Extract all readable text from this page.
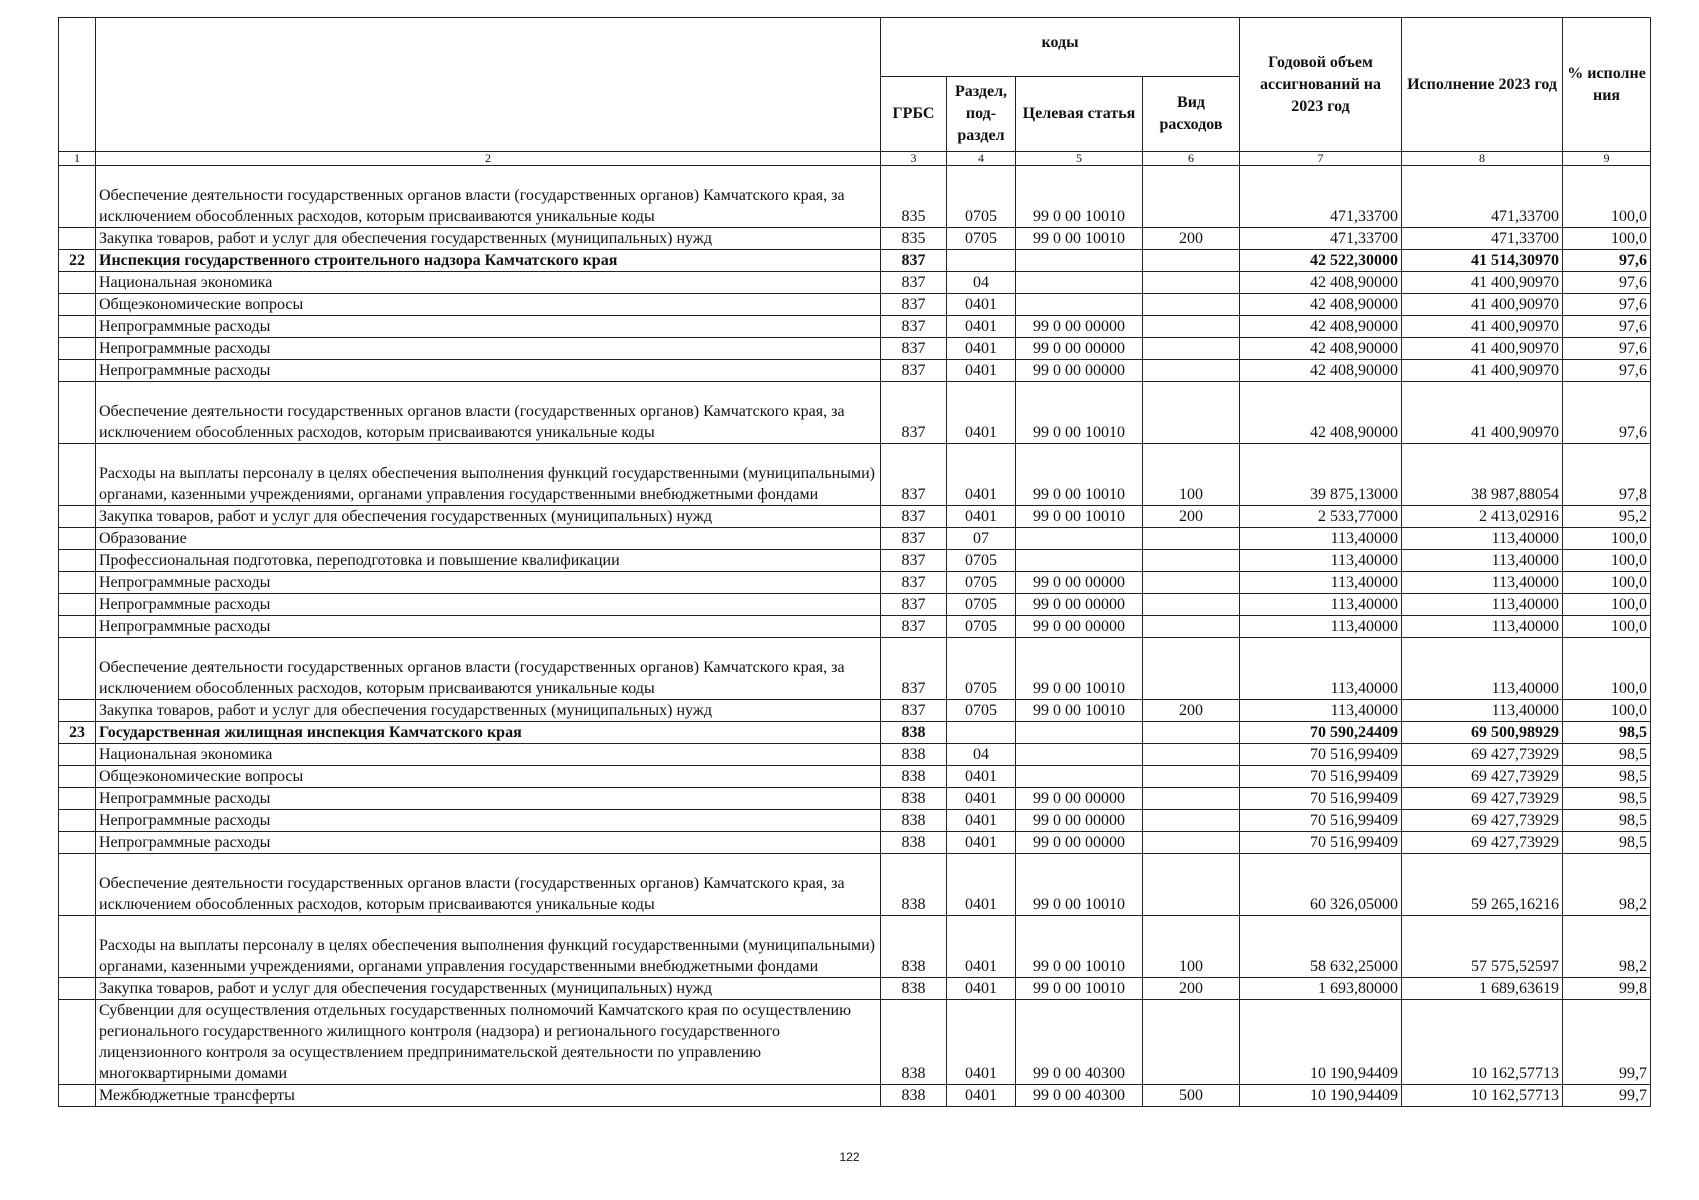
		коды				Годовой объем ассигнований на 2023 год	Исполнение 2023 год	% исполне ния
		ГРБС	Раздел, под-раздел	Целевая статья	Вид расходов			
1	2	3	4	5	6	7	8	9
	Обеспечение деятельности государственных органов власти (государственных органов) Камчатского края, за исключением обособленных расходов, которым присваиваются уникальные коды	835	0705	99 0 00 10010		471,33700	471,33700	100,0
	Закупка товаров, работ и услуг для обеспечения государственных (муниципальных) нужд	835	0705	99 0 00 10010	200	471,33700	471,33700	100,0
22	Инспекция государственного строительного надзора Камчатского края	837				42 522,30000	41 514,30970	97,6
	Национальная экономика	837	04			42 408,90000	41 400,90970	97,6
	Общеэкономические вопросы	837	0401			42 408,90000	41 400,90970	97,6
	Непрограммные расходы	837	0401	99 0 00 00000		42 408,90000	41 400,90970	97,6
	Непрограммные расходы	837	0401	99 0 00 00000		42 408,90000	41 400,90970	97,6
	Непрограммные расходы	837	0401	99 0 00 00000		42 408,90000	41 400,90970	97,6
	Обеспечение деятельности государственных органов власти (государственных органов) Камчатского края, за исключением обособленных расходов, которым присваиваются уникальные коды	837	0401	99 0 00 10010		42 408,90000	41 400,90970	97,6
	Расходы на выплаты персоналу в целях обеспечения выполнения функций государственными (муниципальными) органами, казенными учреждениями, органами управления государственными внебюджетными фондами	837	0401	99 0 00 10010	100	39 875,13000	38 987,88054	97,8
	Закупка товаров, работ и услуг для обеспечения государственных (муниципальных) нужд	837	0401	99 0 00 10010	200	2 533,77000	2 413,02916	95,2
	Образование	837	07			113,40000	113,40000	100,0
	Профессиональная подготовка, переподготовка и повышение квалификации	837	0705			113,40000	113,40000	100,0
	Непрограммные расходы	837	0705	99 0 00 00000		113,40000	113,40000	100,0
	Непрограммные расходы	837	0705	99 0 00 00000		113,40000	113,40000	100,0
	Непрограммные расходы	837	0705	99 0 00 00000		113,40000	113,40000	100,0
	Обеспечение деятельности государственных органов власти (государственных органов) Камчатского края, за исключением обособленных расходов, которым присваиваются уникальные коды	837	0705	99 0 00 10010		113,40000	113,40000	100,0
	Закупка товаров, работ и услуг для обеспечения государственных (муниципальных) нужд	837	0705	99 0 00 10010	200	113,40000	113,40000	100,0
23	Государственная жилищная инспекция Камчатского края	838				70 590,24409	69 500,98929	98,5
	Национальная экономика	838	04			70 516,99409	69 427,73929	98,5
	Общеэкономические вопросы	838	0401			70 516,99409	69 427,73929	98,5
	Непрограммные расходы	838	0401	99 0 00 00000		70 516,99409	69 427,73929	98,5
	Непрограммные расходы	838	0401	99 0 00 00000		70 516,99409	69 427,73929	98,5
	Непрограммные расходы	838	0401	99 0 00 00000		70 516,99409	69 427,73929	98,5
	Обеспечение деятельности государственных органов власти (государственных органов) Камчатского края, за исключением обособленных расходов, которым присваиваются уникальные коды	838	0401	99 0 00 10010		60 326,05000	59 265,16216	98,2
	Расходы на выплаты персоналу в целях обеспечения выполнения функций государственными (муниципальными) органами, казенными учреждениями, органами управления государственными внебюджетными фондами	838	0401	99 0 00 10010	100	58 632,25000	57 575,52597	98,2
	Закупка товаров, работ и услуг для обеспечения государственных (муниципальных) нужд	838	0401	99 0 00 10010	200	1 693,80000	1 689,63619	99,8
	Субвенции для осуществления отдельных государственных полномочий Камчатского края по осуществлению регионального государственного жилищного контроля (надзора) и регионального государственного лицензионного контроля за осуществлением предпринимательской деятельности по управлению многоквартирными домами	838	0401	99 0 00 40300		10 190,94409	10 162,57713	99,7
	Межбюджетные трансферты	838	0401	99 0 00 40300	500	10 190,94409	10 162,57713	99,7
122
